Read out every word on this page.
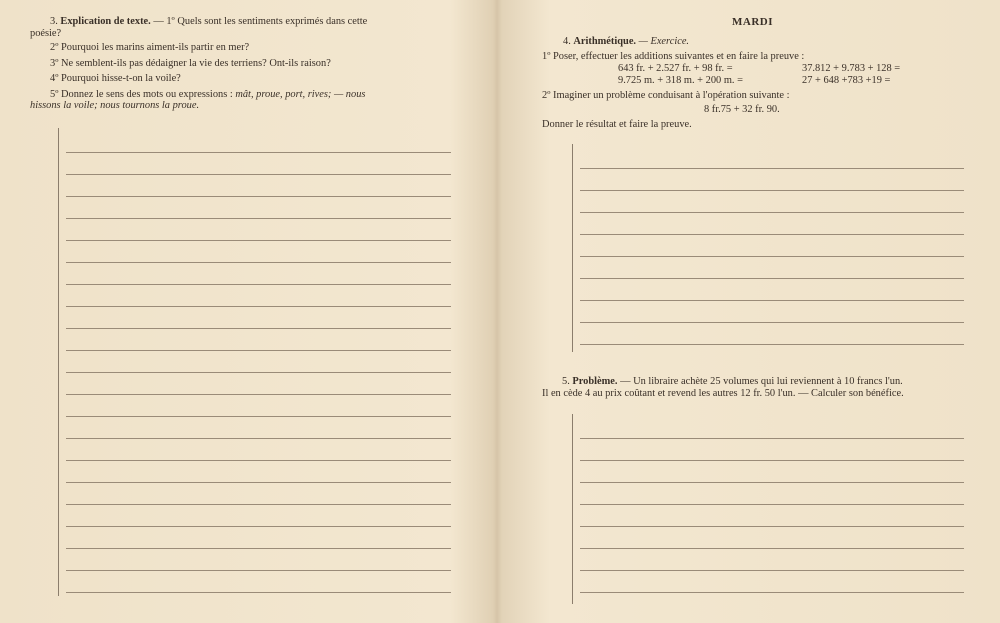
3. Explication de texte. — 1º Quels sont les sentiments exprimés dans cette
poésie?
2º Pourquoi les marins aiment-ils partir en mer?
3º Ne semblent-ils pas dédaigner la vie des terriens? Ont-ils raison?
4º Pourquoi hisse-t-on la voile?
5º Donnez le sens des mots ou expressions : mât, proue, port, rives; — nous
hissons la voile; nous tournons la proue.
MARDI
4. Arithmétique. — Exercice.
1º Poser, effectuer les additions suivantes et en faire la preuve :
643 fr. + 2.527 fr. + 98 fr. =	37.812 + 9.783 + 128 =
9.725 m. + 318 m. + 200 m. =	27 + 648 +783 +19 =
2º Imaginer un problème conduisant à l'opération suivante :
8 fr.75 + 32 fr. 90.
Donner le résultat et faire la preuve.
5. Problème. — Un libraire achète 25 volumes qui lui reviennent à 10 francs l'un.
Il en cède 4 au prix coûtant et revend les autres 12 fr. 50 l'un. — Calculer son bénéfice.
